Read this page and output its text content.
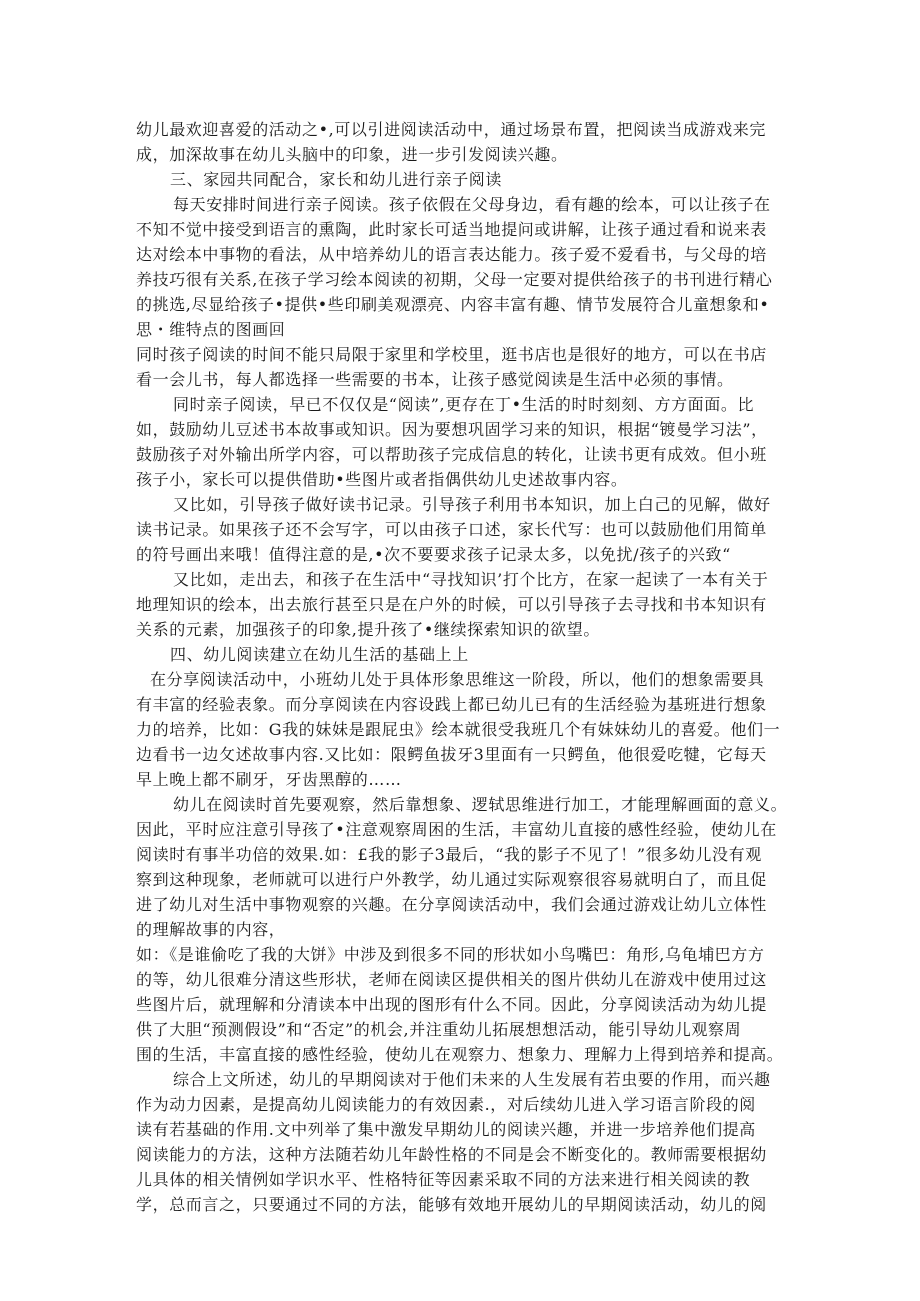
幼儿最欢迎喜爱的活动之•,可以引进阅读活动中，通过场景布置，把阅读当成游戏来完
成，加深故事在幼儿头脑中的印象，进一步引发阅读兴趣。
三、家园共同配合，家长和幼儿进行亲子阅读
每天安排时间进行亲子阅读。孩子依假在父母身边，看有趣的绘本，可以让孩子在
不知不觉中接受到语言的熏陶，此时家长可适当地提问或讲解，让孩子通过看和说来表
达对绘本中事物的看法，从中培养幼儿的语言表达能力。孩子爱不爱看书，与父母的培
养技巧很有关系,在孩子学习绘本阅读的初期，父母一定要对提供给孩子的书刊进行精心
的挑选,尽显给孩子•提供•些印刷美观漂亮、内容丰富有趣、情节发展符合儿童想象和•
思・维特点的图画回
同时孩子阅读的时间不能只局限于家里和学校里，逛书店也是很好的地方，可以在书店
看一会儿书，每人都选择一些需要的书本，让孩子感觉阅读是生活中必须的事情。
同时亲子阅读，早已不仅仅是“阅读”,更存在丁•生活的时时刻刻、方方面面。比
如，鼓励幼儿豆述书本故事或知识。因为要想巩固学习来的知识，根据“镀曼学习法”，
鼓励孩子对外输出所学内容，可以帮助孩子完成信息的转化，让读书更有成效。但小班
孩子小，家长可以提供借助•些图片或者指偶供幼儿史述故事内容。
又比如，引导孩子做好读书记录。引导孩子利用书本知识，加上白己的见解，做好
读书记录。如果孩子还不会写字，可以由孩子口述，家长代写：也可以鼓励他们用简单
的符号画出来哦！值得注意的是,•次不要要求孩子记录太多，以免扰/孩子的兴致“
又比如，走出去，和孩子在生活中“寻找知识’打个比方，在家一起读了一本有关于
地理知识的绘本，出去旅行甚至只是在户外的时候，可以引导孩子去寻找和书本知识有
关系的元素，加强孩子的印象,提升孩了•继续探索知识的欲望。
四、幼儿阅读建立在幼儿生活的基础上上
在分享阅读活动中，小班幼儿处于具体形象思维这一阶段，所以，他们的想象需要具
有丰富的经验表象。而分享阅读在内容设践上都已幼儿已有的生活经验为基班进行想象
力的培养，比如：G我的妹妹是跟屁虫》绘本就很受我班几个有妹妹幼儿的喜爱。他们一
边看书一边攵述故事内容.又比如：限鳄鱼拔牙3里面有一只鳄鱼，他很爱吃犍，它每天
早上晚上都不刷牙，牙齿黑醇的……
幼儿在阅读时首先要观察，然后靠想象、逻轼思维进行加工，才能理解画面的意义。
因此，平时应注意引导孩了•注意观察周困的生活，丰富幼儿直接的感性经验，使幼儿在
阅读时有事半功倍的效果.如：£我的影子3最后，“我的影子不见了！”很多幼儿没有观
察到这种现象，老师就可以进行户外教学，幼儿通过实际观察很容易就明白了，而且促
进了幼儿对生活中事物观察的兴趣。在分享阅读活动中，我们会通过游戏让幼儿立体性
的理解故事的内容，
如：《是谁偷吃了我的大饼》中涉及到很多不同的形状如小鸟嘴巴：角形,乌龟埔巴方方
的等，幼儿很难分清这些形状，老师在阅读区提供相关的图片供幼儿在游戏中使用过这
些图片后，就理解和分清读本中出现的图形有什么不同。因此，分享阅读活动为幼儿提
供了大胆“预测假设”和“否定”的机会,并注重幼儿拓展想想活动，能引导幼儿观察周
围的生活，丰富直接的感性经验，使幼儿在观察力、想象力、理解力上得到培养和提高。
综合上文所述，幼儿的早期阅读对于他们未来的人生发展有若虫要的作用，而兴趣
作为动力因素，是提高幼儿阅读能力的有效因素.，对后续幼儿进入学习语言阶段的阅
读有若基础的作用.文中列举了集中激发早期幼儿的阅读兴趣，并进一步培养他们提高
阅读能力的方法，这种方法随若幼儿年龄性格的不同是会不断变化的。教师需要根据幼
儿具体的相关情例如学识水平、性格特征等因素采取不同的方法来进行相关阅读的教
学，总而言之，只要通过不同的方法，能够有效地开展幼儿的早期阅读活动，幼儿的阅
